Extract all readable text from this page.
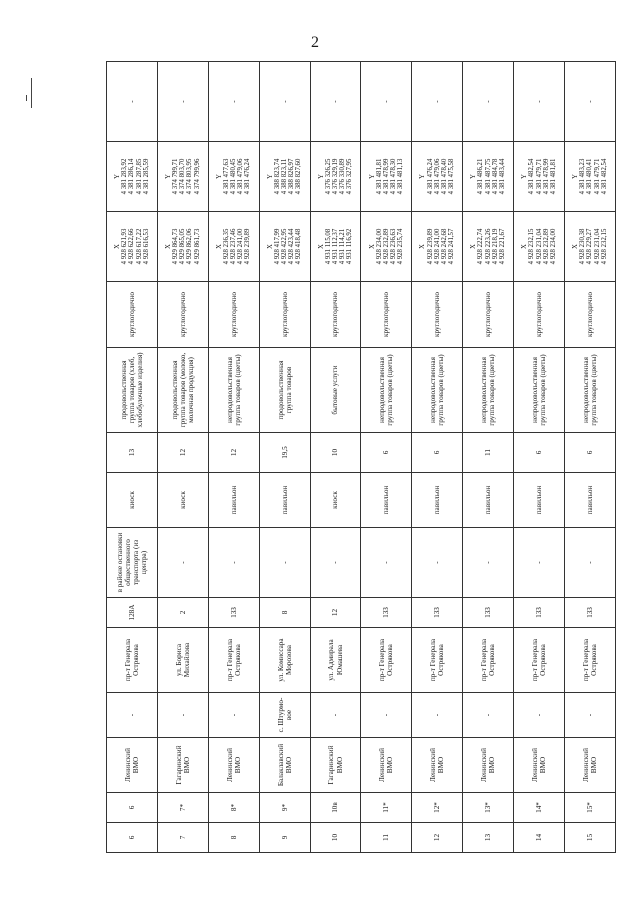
2
6	6	Ленинский ВМО	-	пр-т Генерала Острякова	128А	в районе остановки общественного транспорта (из центра)	киоск	13	продовольственная группа товаров (хлеб, хлебобулочные изделия)	круглогодично	X 4 928 621,93 4 928 622,66 4 928 617,22 4 928 616,53	Y 4 381 283,92 4 381 286,14 4 381 287,85 4 381 285,59	-
7	7*	Гагаринский ВМО	-	ул. Бориса Михайлова	2	-	киоск	12	продовольственная группа товаров (молоко, молочная продукция)	круглогодично	X 4 929 864,73 4 929 865,05 4 929 862,06 4 929 861,73	Y 4 374 799,71 4 374 803,70 4 374 803,95 4 374 799,96	-
8	8*	Ленинский ВМО	-	пр-т Генерала Острякова	133	-	павильон	12	непродовольственная группа товаров (цветы)	круглогодично	X 4 928 236,35 4 928 237,46 4 928 241,00 4 928 239,89	Y 4 381 477,63 4 381 480,45 4 381 479,06 4 381 476,24	-
9	9*	Балаклавский ВМО	с. Штурмо-вое	ул. Комиссара Морозова	8	-	павильон	19,5	продовольственная группа товаров	круглогодично	X 4 928 417,99 4 928 422,95 4 928 423,44 4 928 418,48	Y 4 388 823,74 4 388 823,11 4 388 826,97 4 388 827,60	-
10	10в	Гагаринский ВМО	-	ул. Адмирала Юмашева	12	-	киоск	10	бытовые услуги	круглогодично	X 4 931 115,08 4 931 112,37 4 931 114,21 4 931 116,92	Y 4 376 326,25 4 376 329,19 4 376 330,89 4 376 327,95	-
11	11*	Ленинский ВМО	-	пр-т Генерала Острякова	133	-	павильон	6	непродовольственная группа товаров (цветы)	круглогодично	X 4 928 234,00 4 928 232,89 4 928 236,63 4 928 235,74	Y 4 381 481,81 4 381 478,99 4 381 478,30 4 381 481,13	-
12	12*	Ленинский ВМО	-	пр-т Генерала Острякова	133	-	павильон	6	непродовольственная группа товаров (цветы)	круглогодично	X 4 928 239,89 4 928 241,00 4 928 242,68 4 928 241,57	Y 4 381 476,24 4 381 479,06 4 381 478,40 4 381 475,58	-
13	13*	Ленинский ВМО	-	пр-т Генерала Острякова	133	-	павильон	11	непродовольственная группа товаров (цветы)	круглогодично	X 4 928 222,74 4 928 223,26 4 928 218,19 4 928 221,67	Y 4 381 486,21 4 381 487,75 4 381 484,78 4 381 483,44	-
14	14*	Ленинский ВМО	-	пр-т Генерала Острякова	133	-	павильон	6	непродовольственная группа товаров (цветы)	круглогодично	X 4 928 232,15 4 928 231,04 4 928 232,89 4 928 234,00	Y 4 381 482,54 4 381 479,71 4 381 478,99 4 381 481,81	-
15	15*	Ленинский ВМО	-	пр-т Генерала Острякова	133	-	павильон	6	непродовольственная группа товаров (цветы)	круглогодично	X 4 928 230,38 4 928 229,27 4 928 231,04 4 928 232,15	Y 4 381 483,23 4 381 480,41 4 381 479,71 4 381 482,54	-
